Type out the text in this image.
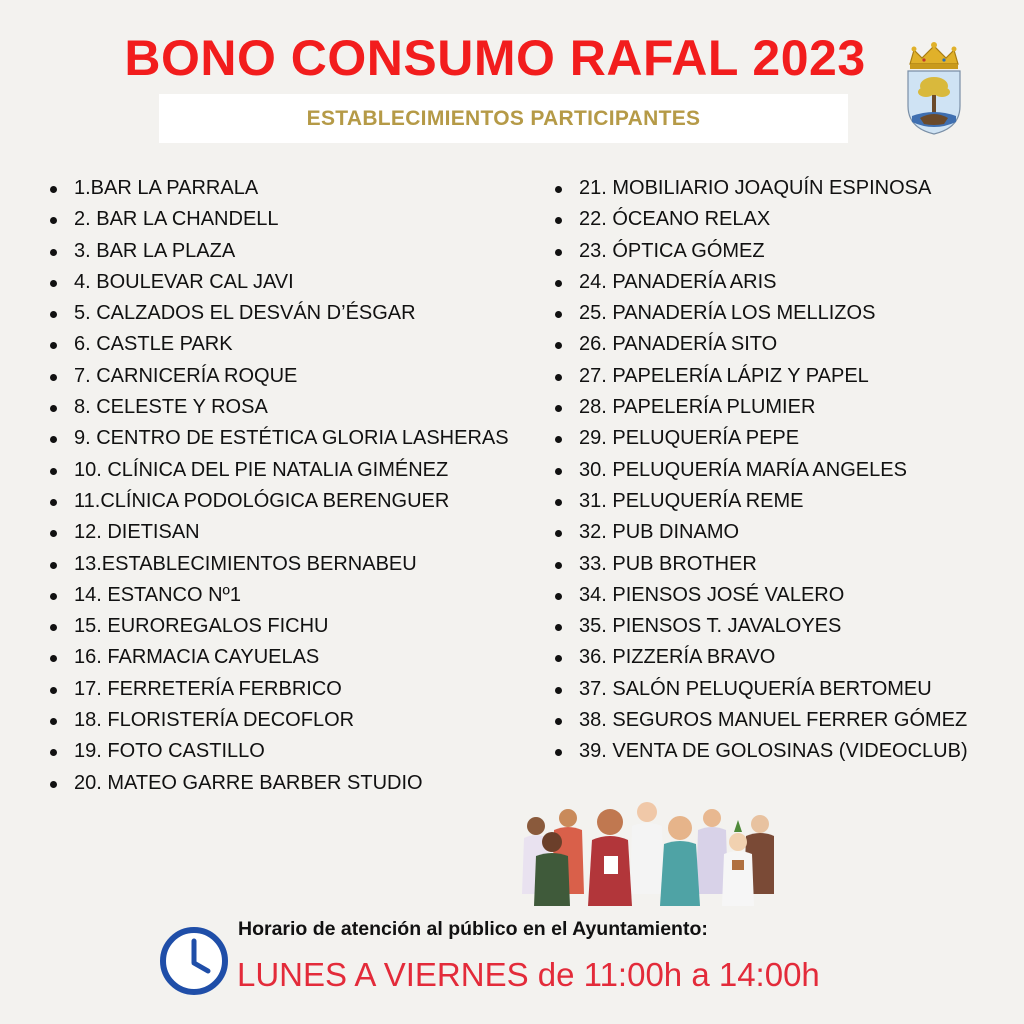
BONO CONSUMO RAFAL 2023
ESTABLECIMIENTOS PARTICIPANTES
1.BAR LA PARRALA
2. BAR LA CHANDELL
3. BAR LA PLAZA
4. BOULEVAR CAL JAVI
5. CALZADOS EL DESVÁN D’ÉSGAR
6. CASTLE PARK
7. CARNICERÍA ROQUE
8. CELESTE Y ROSA
9. CENTRO DE ESTÉTICA GLORIA LASHERAS
10. CLÍNICA DEL PIE NATALIA GIMÉNEZ
11.CLÍNICA PODOLÓGICA BERENGUER
12. DIETISAN
13.ESTABLECIMIENTOS BERNABEU
14. ESTANCO Nº1
15. EUROREGALOS FICHU
16. FARMACIA CAYUELAS
17. FERRETERÍA FERBRICO
18. FLORISTERÍA DECOFLOR
19. FOTO CASTILLO
20. MATEO GARRE BARBER STUDIO
21. MOBILIARIO JOAQUÍN ESPINOSA
22. ÓCEANO RELAX
23. ÓPTICA GÓMEZ
24. PANADERÍA ARIS
25. PANADERÍA LOS MELLIZOS
26. PANADERÍA SITO
27. PAPELERÍA LÁPIZ Y PAPEL
28. PAPELERÍA PLUMIER
29. PELUQUERÍA PEPE
30. PELUQUERÍA MARÍA ANGELES
31. PELUQUERÍA REME
32. PUB DINAMO
33. PUB BROTHER
34. PIENSOS JOSÉ VALERO
35. PIENSOS T. JAVALOYES
36. PIZZERÍA BRAVO
37. SALÓN PELUQUERÍA BERTOMEU
38. SEGUROS MANUEL FERRER GÓMEZ
39. VENTA DE GOLOSINAS (VIDEOCLUB)
Horario de atención al público en el Ayuntamiento:
LUNES A VIERNES de 11:00h a 14:00h
